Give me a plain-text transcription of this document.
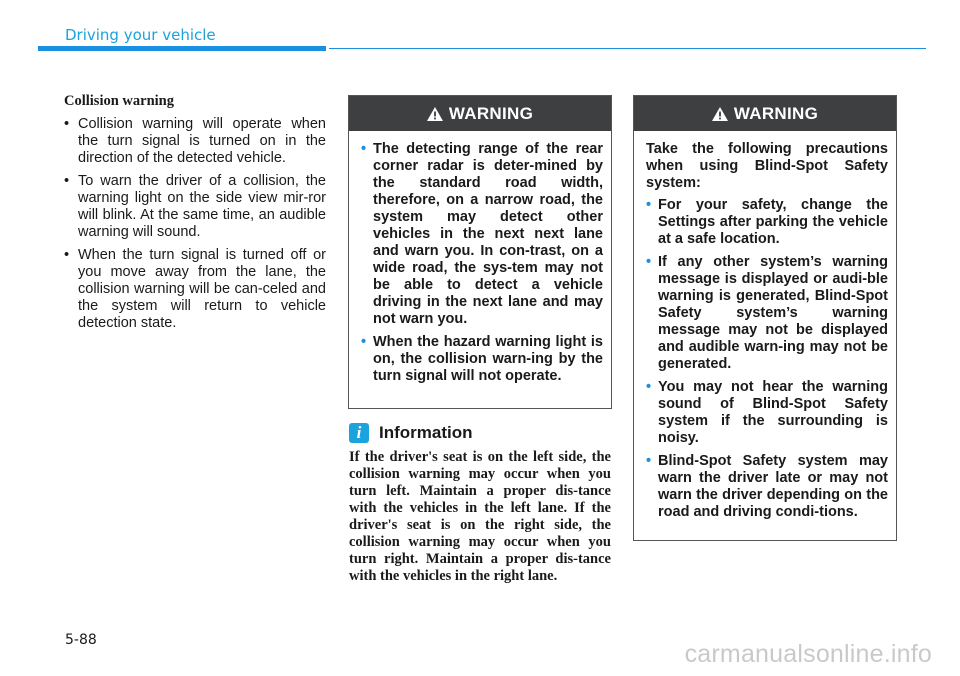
Driving your vehicle
Collision warning
• Collision warning will operate when the turn signal is turned on in the direction of the detected vehicle.
• To warn the driver of a collision, the warning light on the side view mir-ror will blink. At the same time, an audible warning will sound.
• When the turn signal is turned off or you move away from the lane, the collision warning will be can-celed and the system will return to vehicle detection state.
WARNING
• The detecting range of the rear corner radar is deter-mined by the standard road width, therefore, on a narrow road, the system may detect other vehicles in the next next lane and warn you. In con-trast, on a wide road, the sys-tem may not be able to detect a vehicle driving in the next lane and may not warn you.
• When the hazard warning light is on, the collision warn-ing by the turn signal will not operate.
i	Information

If the driver's seat is on the left side, the collision warning may occur when you turn left. Maintain a proper dis-tance with the vehicles in the left lane. If the driver's seat is on the right side, the collision warning may occur when you turn right. Maintain a proper dis-tance with the vehicles in the right lane.

WARNING

Take the following precautions when using Blind-Spot Safety system:

• For your safety, change the Settings after parking the vehicle at a safe location.
• If any other system’s warning message is displayed or audi-ble warning is generated, Blind-Spot Safety system’s warning message may not be displayed and audible warn-ing may not be generated.
• You may not hear the warning sound of Blind-Spot Safety system if the surrounding is noisy.
• Blind-Spot Safety system may warn the driver late or may not warn the driver depending on the road and driving condi-tions.
5-88	carmanualsonline.info
